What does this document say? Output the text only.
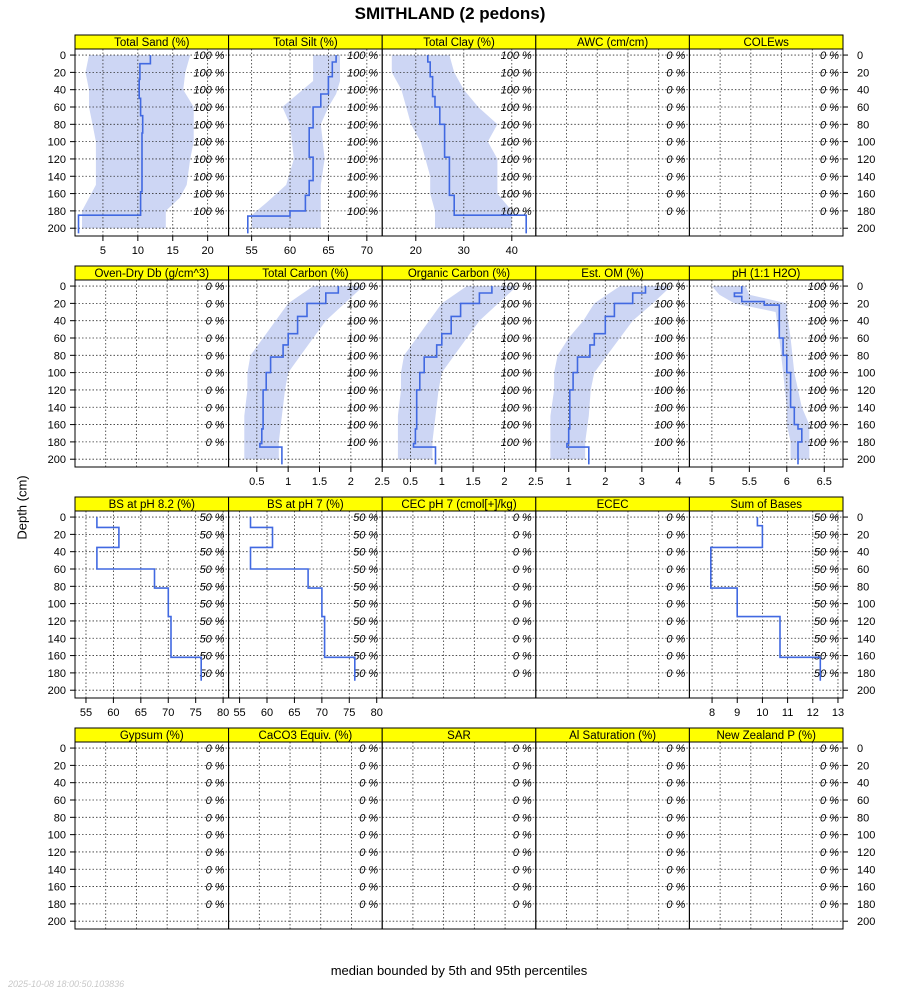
SMITHLAND (2 pedons)
Depth (cm)
Total Sand (%)
100 %
100 %
100 %
100 %
100 %
100 %
100 %
100 %
100 %
100 %
5 10 15 20
0
20
40
60
80
100
120
140
160
180
200
Total Silt (%)
100 %
100 %
100 %
100 %
100 %
100 %
100 %
100 %
100 %
100 %
55 60 65 70
Total Clay (%)
100 %
100 %
100 %
100 %
100 %
100 %
100 %
100 %
100 %
100 %
20	30	40
AWC (cm/cm)
0 %
0 %
0 %
0 %
0 %
0 %
0 %
0 %
0 %
0 %
COLEws
0 %
0 %
0 %
0 %
0 %
0 %
0 %
0 %
0 %
0 %
0
20
40
60
80
100
120
140
160
180
200
Oven-Dry Db (g/cm^3)
0 %
0 %
0 %
0 %
0 %
0 %
0 %
0 %
0 %
0 %
0
20
40
60
80
100
120
140
160
180
200
Total Carbon (%)
100 %
100 %
100 %
100 %
100 %
100 %
100 %
100 %
100 %
100 %
0.5 1 1.5 2 2.5
Organic Carbon (%)
100 %
100 %
100 %
100 %
100 %
100 %
100 %
100 %
100 %
100 %
0.5 1 1.5 2 2.5
Est. OM (%)
100 %
100 %
100 %
100 %
100 %
100 %
100 %
100 %
100 %
100 %
1	2	3	4
pH (1:1 H2O)
100 %
100 %
100 %
100 %
100 %
100 %
100 %
100 %
100 %
100 %
5 5.5 6 6.5
0
20
40
60
80
100
120
140
160
180
200
BS at pH 8.2 (%)
50 %
50 %
50 %
50 %
50 %
50 %
50 %
50 %
50 %
50 %
55 60 65 70 75 80
0
20
40
60
80
100
120
140
160
180
200
BS at pH 7 (%)
50 %
50 %
50 %
50 %
50 %
50 %
50 %
50 %
50 %
50 %
55 60 65 70 75 80
CEC pH 7 (cmol[+]/kg)
0 %
0 %
0 %
0 %
0 %
0 %
0 %
0 %
0 %
0 %
ECEC
0 %
0 %
0 %
0 %
0 %
0 %
0 %
0 %
0 %
0 %
Sum of Bases
50 %
50 %
50 %
50 %
50 %
50 %
50 %
50 %
50 %
50 %
8 9 10 11 12 13
0
20
40
60
80
100
120
140
160
180
200
Gypsum (%)
0 %
0 %
0 %
0 %
0 %
0 %
0 %
0 %
0 %
0 %
0
20
40
60
80
100
120
140
160
180
200
CaCO3 Equiv. (%)
0 %
0 %
0 %
0 %
0 %
0 %
0 %
0 %
0 %
0 %
SAR
0 %
0 %
0 %
0 %
0 %
0 %
0 %
0 %
0 %
0 %
Al Saturation (%)
0 %
0 %
0 %
0 %
0 %
0 %
0 %
0 %
0 %
0 %
New Zealand P (%)
0 %
0 %
0 %
0 %
0 %
0 %
0 %
0 %
0 %
0 %
0
20
40
60
80
100
120
140
160
180
200
median bounded by 5th and 95th percentiles
2025-10-08 18:00:50.103836
